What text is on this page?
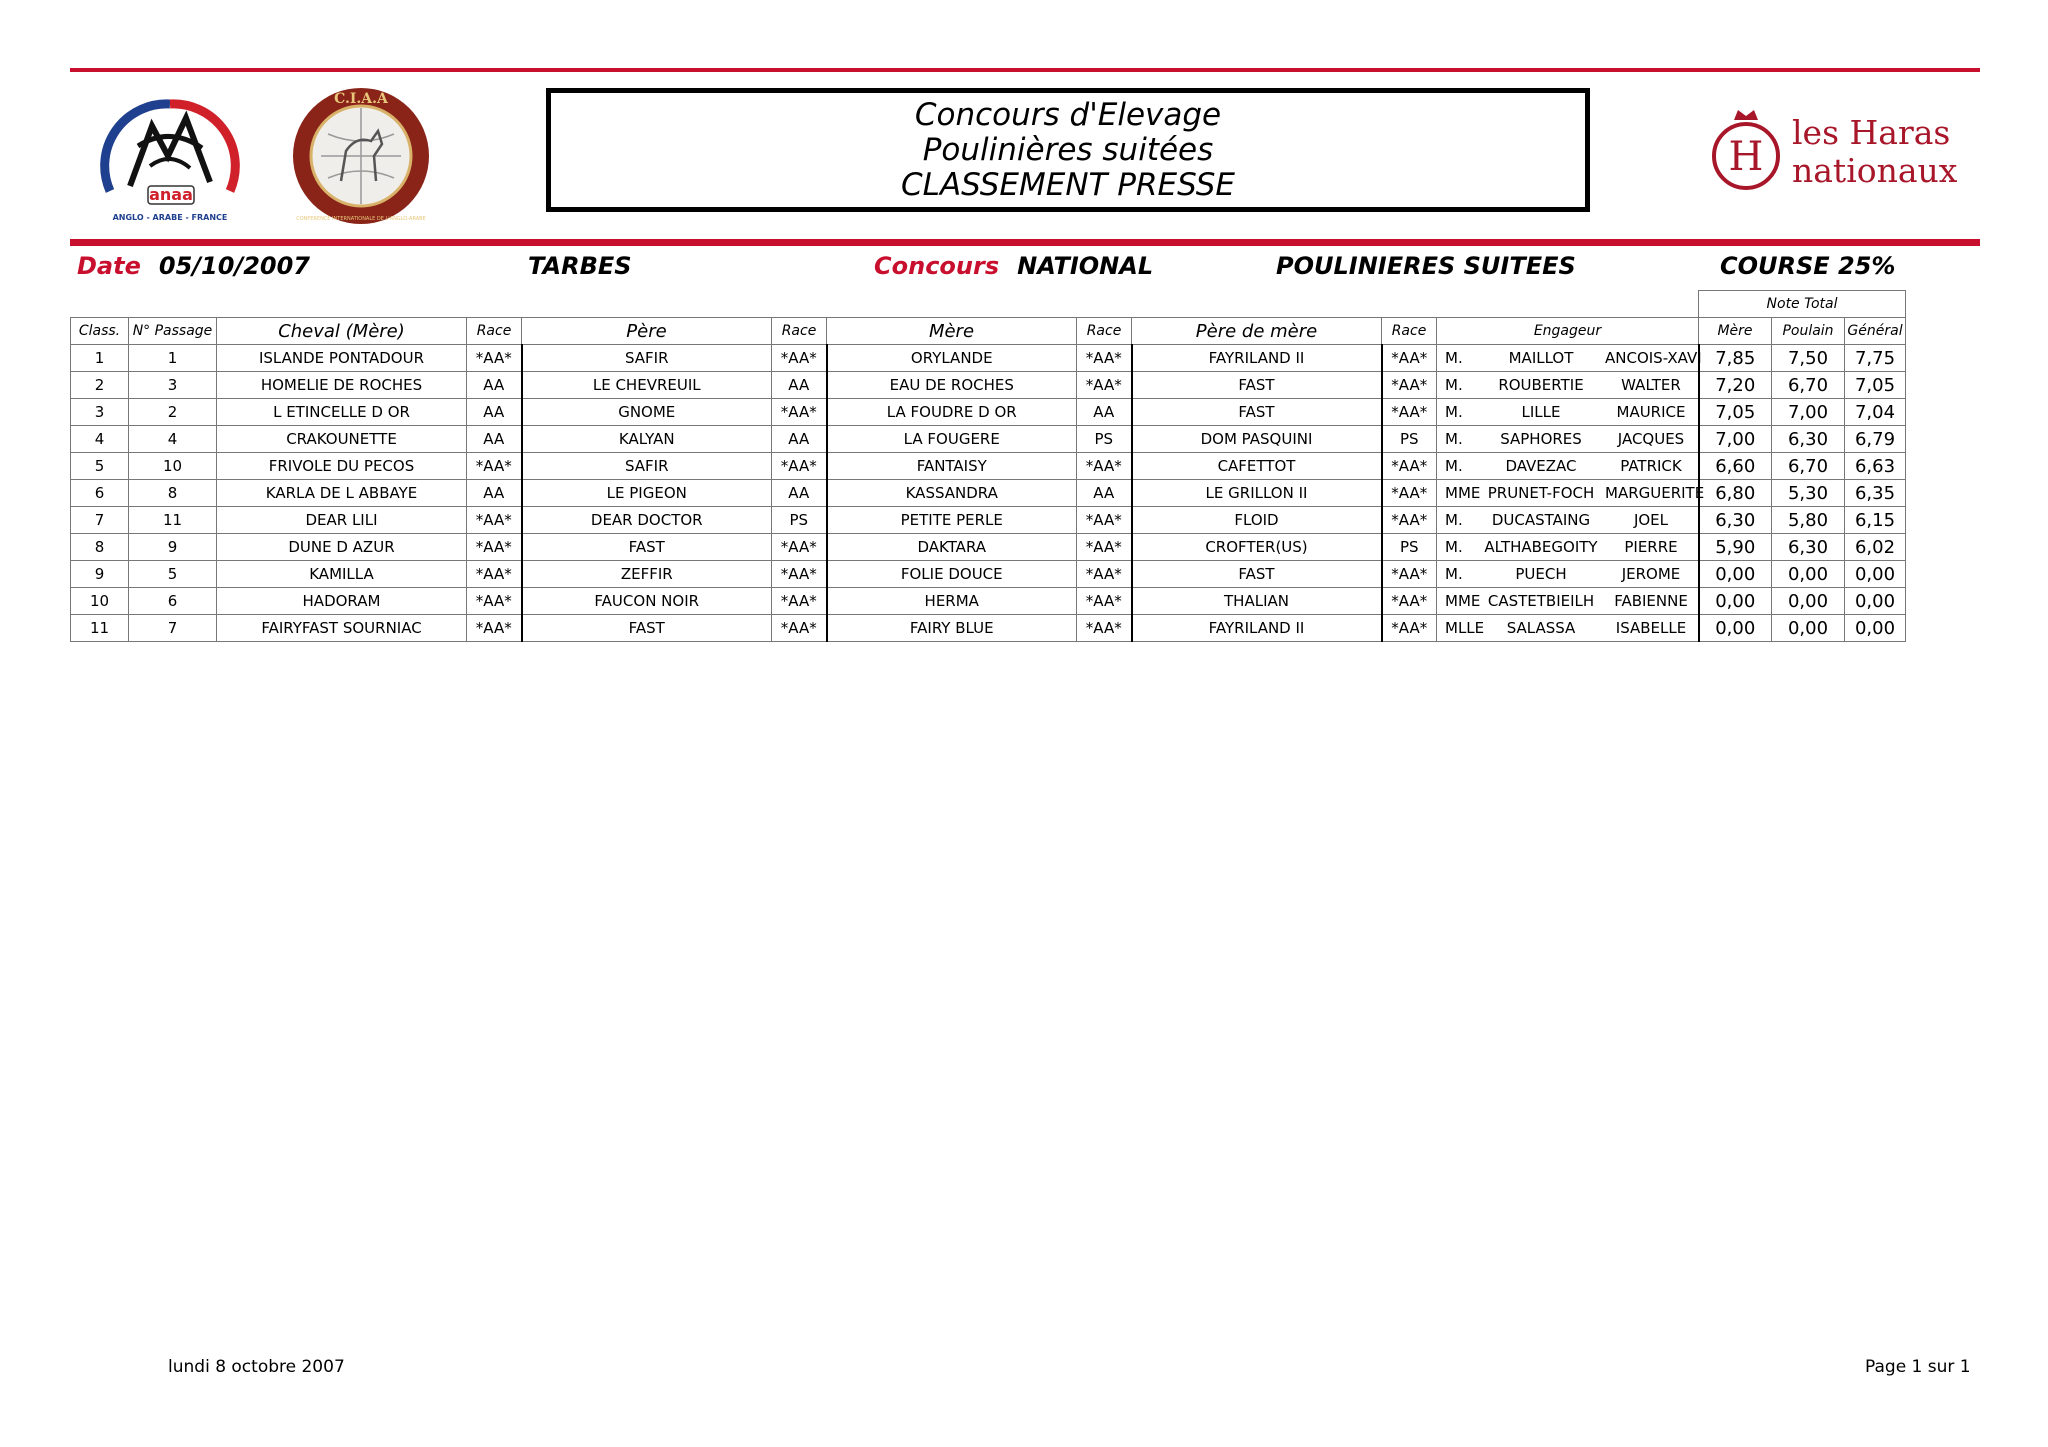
anaa
ANGLO - ARABE - FRANCE
C.I.A.A
CONFERENCE INTERNATIONALE DE L'ANGLO-ARABE
Concours d'Elevage
Poulinières suitées
CLASSEMENT PRESSE
H
les Haras
nationaux
Date 05/10/2007	TARBES	Concours NATIONAL	POULINIERES SUITEES	COURSE 25%
											Note Total		
Class.	N° Passage	Cheval (Mère)	Race	Père	Race	Mère	Race	Père de mère	Race	Engageur	Mère	Poulain	Général
1	1	ISLANDE PONTADOUR	*AA*	SAFIR	*AA*	ORYLANDE	*AA*	FAYRILAND II	*AA*	M. MAILLOT ANCOIS-XAVI	7,85	7,50	7,75
2	3	HOMELIE DE ROCHES	AA	LE CHEVREUIL	AA	EAU DE ROCHES	*AA*	FAST	*AA*	M. ROUBERTIE WALTER	7,20	6,70	7,05
3	2	L ETINCELLE D OR	AA	GNOME	*AA*	LA FOUDRE D OR	AA	FAST	*AA*	M. LILLE MAURICE	7,05	7,00	7,04
4	4	CRAKOUNETTE	AA	KALYAN	AA	LA FOUGERE	PS	DOM PASQUINI	PS	M. SAPHORES JACQUES	7,00	6,30	6,79
5	10	FRIVOLE DU PECOS	*AA*	SAFIR	*AA*	FANTAISY	*AA*	CAFETTOT	*AA*	M. DAVEZAC PATRICK	6,60	6,70	6,63
6	8	KARLA DE L ABBAYE	AA	LE PIGEON	AA	KASSANDRA	AA	LE GRILLON II	*AA*	MME PRUNET-FOCH MARGUERITE	6,80	5,30	6,35
7	11	DEAR LILI	*AA*	DEAR DOCTOR	PS	PETITE PERLE	*AA*	FLOID	*AA*	M. DUCASTAING JOEL	6,30	5,80	6,15
8	9	DUNE D AZUR	*AA*	FAST	*AA*	DAKTARA	*AA*	CROFTER(US)	PS	M. ALTHABEGOITY PIERRE	5,90	6,30	6,02
9	5	KAMILLA	*AA*	ZEFFIR	*AA*	FOLIE DOUCE	*AA*	FAST	*AA*	M. PUECH JEROME	0,00	0,00	0,00
10	6	HADORAM	*AA*	FAUCON NOIR	*AA*	HERMA	*AA*	THALIAN	*AA*	MME CASTETBIEILH FABIENNE	0,00	0,00	0,00
11	7	FAIRYFAST SOURNIAC	*AA*	FAST	*AA*	FAIRY BLUE	*AA*	FAYRILAND II	*AA*	MLLE SALASSA ISABELLE	0,00	0,00	0,00
lundi 8 octobre 2007	Page 1 sur 1
